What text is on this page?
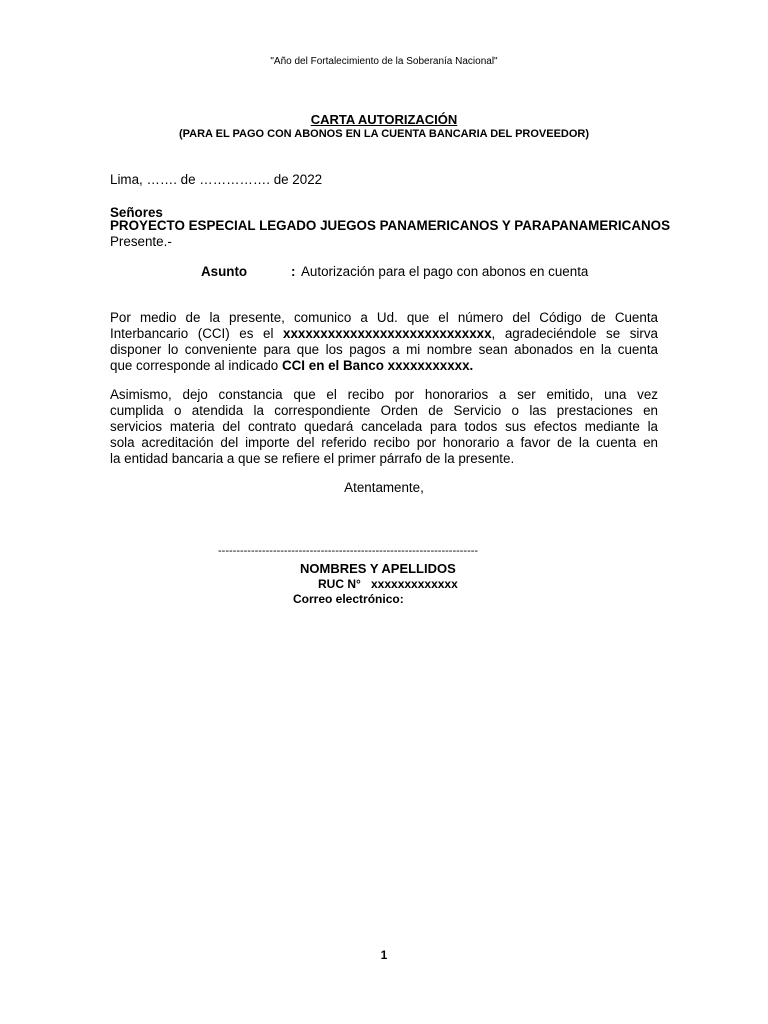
"Año del Fortalecimiento de la Soberanía Nacional"
CARTA AUTORIZACIÓN
(PARA EL PAGO CON ABONOS EN LA CUENTA BANCARIA DEL PROVEEDOR)
Lima, ……. de ……………. de 2022
Señores
PROYECTO ESPECIAL LEGADO JUEGOS PANAMERICANOS Y PARAPANAMERICANOS
Presente.-
Asunto	: Autorización para el pago con abonos en cuenta
Por medio de la presente, comunico a Ud. que el número del Código de Cuenta
Interbancario (CCI) es el xxxxxxxxxxxxxxxxxxxxxxxxxxxx, agradeciéndole se sirva
disponer lo conveniente para que los pagos a mi nombre sean abonados en la cuenta
que corresponde al indicado CCI en el Banco xxxxxxxxxxx.
Asimismo, dejo constancia que el recibo por honorarios a ser emitido, una vez
cumplida o atendida la correspondiente Orden de Servicio o las prestaciones en
servicios materia del contrato quedará cancelada para todos sus efectos mediante la
sola acreditación del importe del referido recibo por honorario a favor de la cuenta en
la entidad bancaria a que se refiere el primer párrafo de la presente.
Atentamente,
-----------------------------------------------------------------------
NOMBRES Y APELLIDOS
RUC N° xxxxxxxxxxxxx
Correo electrónico:
1
